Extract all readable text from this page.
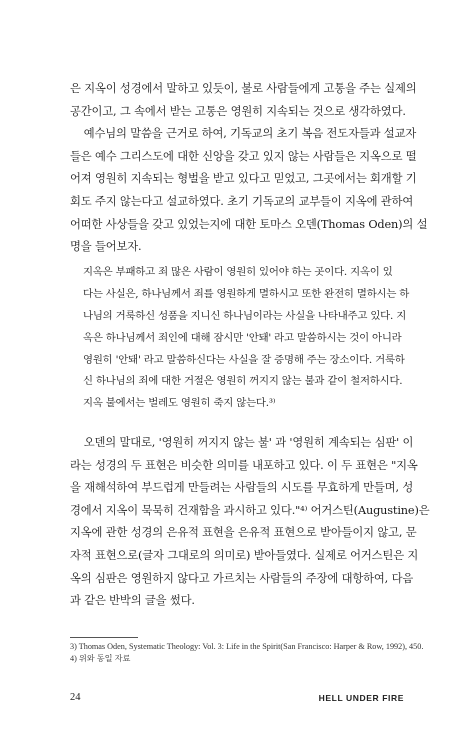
은 지옥이 성경에서 말하고 있듯이, 불로 사람들에게 고통을 주는 실제의
공간이고, 그 속에서 받는 고통은 영원히 지속되는 것으로 생각하였다.
예수님의 말씀을 근거로 하여, 기독교의 초기 복음 전도자들과 설교자
들은 예수 그리스도에 대한 신앙을 갖고 있지 않는 사람들은 지옥으로 떨
어져 영원히 지속되는 형벌을 받고 있다고 믿었고, 그곳에서는 회개할 기
회도 주지 않는다고 설교하였다. 초기 기독교의 교부들이 지옥에 관하여
어떠한 사상들을 갖고 있었는지에 대한 토마스 오덴(Thomas Oden)의 설
명을 들어보자.
지옥은 부패하고 죄 많은 사람이 영원히 있어야 하는 곳이다. 지옥이 있
다는 사실은, 하나님께서 죄를 영원하게 멸하시고 또한 완전히 멸하시는 하
나님의 거룩하신 성품을 지니신 하나님이라는 사실을 나타내주고 있다. 지
옥은 하나님께서 죄인에 대해 잠시만 '안돼' 라고 말씀하시는 것이 아니라
영원히 '안돼' 라고 말씀하신다는 사실을 잘 증명해 주는 장소이다. 거룩하
신 하나님의 죄에 대한 거절은 영원히 꺼지지 않는 불과 같이 철저하시다.
지옥 불에서는 벌레도 영원히 죽지 않는다.³⁾
오덴의 말대로, '영원히 꺼지지 않는 불' 과 '영원히 계속되는 심판' 이
라는 성경의 두 표현은 비슷한 의미를 내포하고 있다. 이 두 표현은 "지옥
을 재해석하여 부드럽게 만들려는 사람들의 시도를 무효하게 만들며, 성
경에서 지옥이 묵묵히 건재함을 과시하고 있다."⁴⁾ 어거스틴(Augustine)은
지옥에 관한 성경의 은유적 표현을 은유적 표현으로 받아들이지 않고, 문
자적 표현으로(글자 그대로의 의미로) 받아들였다. 실제로 어거스틴은 지
옥의 심판은 영원하지 않다고 가르치는 사람들의 주장에 대항하여, 다음
과 같은 반박의 글을 썼다.
3) Thomas Oden, Systematic Theology: Vol. 3: Life in the Spirit(San Francisco: Harper & Row, 1992), 450.
4) 위와 동일 자료
24	HELL UNDER FIRE
